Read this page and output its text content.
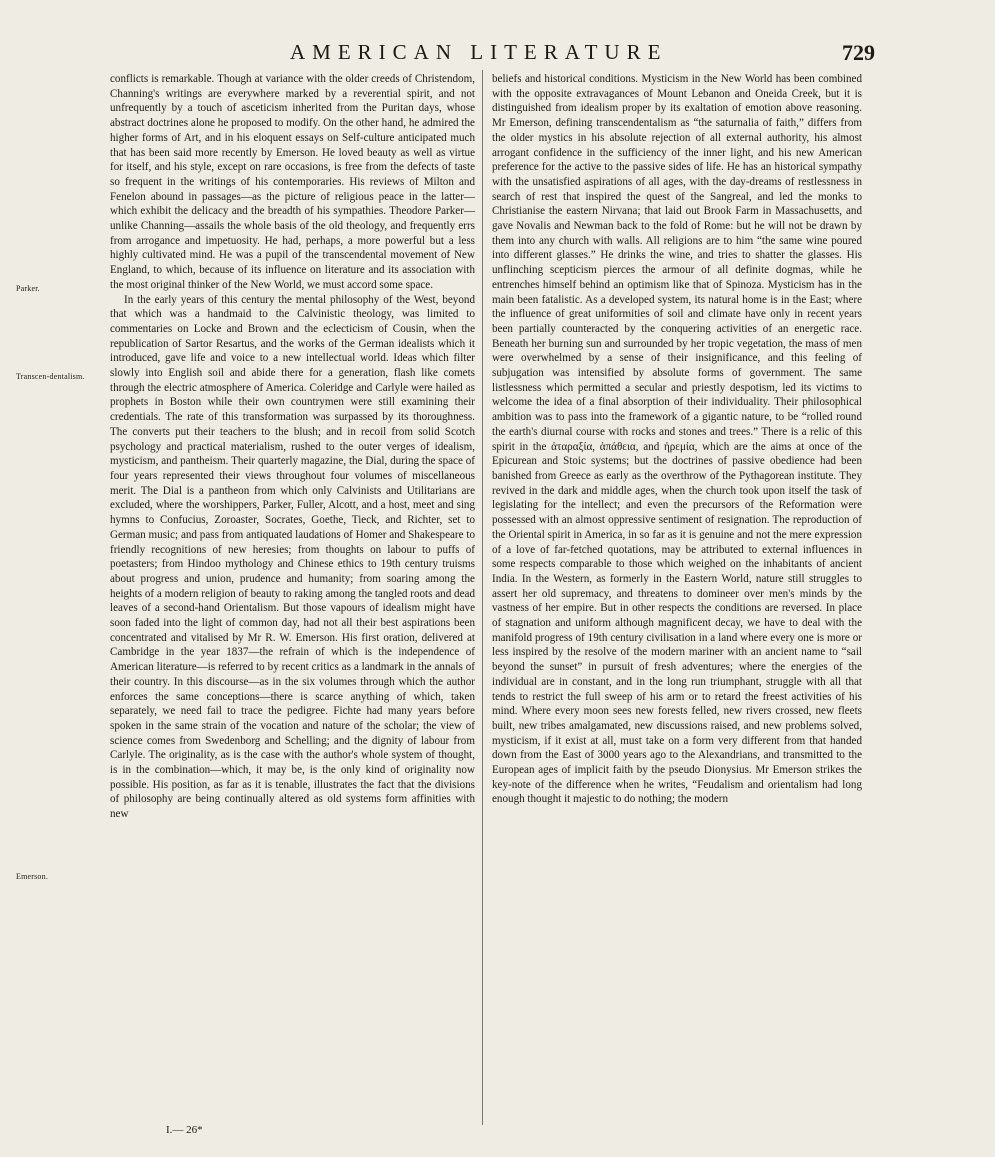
AMERICAN LITERATURE	729
Parker.
Transcen-dentalism.
Emerson.

conflicts is remarkable. Though at variance with the older creeds of Christendom, Channing's writings are everywhere marked by a reverential spirit, and not unfrequently by a touch of asceticism inherited from the Puritan days, whose abstract doctrines alone he proposed to modify. On the other hand, he admired the higher forms of Art, and in his eloquent essays on Self-culture anticipated much that has been said more recently by Emerson. He loved beauty as well as virtue for itself, and his style, except on rare occasions, is free from the defects of taste so frequent in the writings of his contemporaries. His reviews of Milton and Fenelon abound in passages—as the picture of religious peace in the latter—which exhibit the delicacy and the breadth of his sympathies. Theodore Parker—unlike Channing—assails the whole basis of the old theology, and frequently errs from arrogance and impetuosity. He had, perhaps, a more powerful but a less highly cultivated mind. He was a pupil of the transcendental movement of New England, to which, because of its influence on literature and its association with the most original thinker of the New World, we must accord some space.

In the early years of this century the mental philosophy of the West, beyond that which was a handmaid to the Calvinistic theology, was limited to commentaries on Locke and Brown and the eclecticism of Cousin, when the republication of Sartor Resartus, and the works of the German idealists which it introduced, gave life and voice to a new intellectual world. Ideas which filter slowly into English soil and abide there for a generation, flash like comets through the electric atmosphere of America. Coleridge and Carlyle were hailed as prophets in Boston while their own countrymen were still examining their credentials. The rate of this transformation was surpassed by its thoroughness. The converts put their teachers to the blush; and in recoil from solid Scotch psychology and practical materialism, rushed to the outer verges of idealism, mysticism, and pantheism. Their quarterly magazine, the Dial, during the space of four years represented their views throughout four volumes of miscellaneous merit. The Dial is a pantheon from which only Calvinists and Utilitarians are excluded, where the worshippers, Parker, Fuller, Alcott, and a host, meet and sing hymns to Confucius, Zoroaster, Socrates, Goethe, Tieck, and Richter, set to German music; and pass from antiquated laudations of Homer and Shakespeare to friendly recognitions of new heresies; from thoughts on labour to puffs of poetasters; from Hindoo mythology and Chinese ethics to 19th century truisms about progress and union, prudence and humanity; from soaring among the heights of a modern religion of beauty to raking among the tangled roots and dead leaves of a second-hand Orientalism. But those vapours of idealism might have soon faded into the light of common day, had not all their best aspirations been concentrated and vitalised by Mr R. W. Emerson. His first oration, delivered at Cambridge in the year 1837—the refrain of which is the independence of American literature—is referred to by recent critics as a landmark in the annals of their country. In this discourse—as in the six volumes through which the author enforces the same conceptions—there is scarce anything of which, taken separately, we need fail to trace the pedigree. Fichte had many years before spoken in the same strain of the vocation and nature of the scholar; the view of science comes from Swedenborg and Schelling; and the dignity of labour from Carlyle. The originality, as is the case with the author's whole system of thought, is in the combination—which, it may be, is the only kind of originality now possible. His position, as far as it is tenable, illustrates the fact that the divisions of philosophy are being continually altered as old systems form affinities with new

beliefs and historical conditions. Mysticism in the New World has been combined with the opposite extravagances of Mount Lebanon and Oneida Creek, but it is distinguished from idealism proper by its exaltation of emotion above reasoning. Mr Emerson, defining transcendentalism as “the saturnalia of faith,” differs from the older mystics in his absolute rejection of all external authority, his almost arrogant confidence in the sufficiency of the inner light, and his new American preference for the active to the passive sides of life. He has an historical sympathy with the unsatisfied aspirations of all ages, with the day-dreams of restlessness in search of rest that inspired the quest of the Sangreal, and led the monks to Christianise the eastern Nirvana; that laid out Brook Farm in Massachusetts, and gave Novalis and Newman back to the fold of Rome: but he will not be drawn by them into any church with walls. All religions are to him “the same wine poured into different glasses.” He drinks the wine, and tries to shatter the glasses. His unflinching scepticism pierces the armour of all definite dogmas, while he entrenches himself behind an optimism like that of Spinoza. Mysticism has in the main been fatalistic. As a developed system, its natural home is in the East; where the influence of great uniformities of soil and climate have only in recent years been partially counteracted by the conquering activities of an energetic race. Beneath her burning sun and surrounded by her tropic vegetation, the mass of men were overwhelmed by a sense of their insignificance, and this feeling of subjugation was intensified by absolute forms of government. The same listlessness which permitted a secular and priestly despotism, led its victims to welcome the idea of a final absorption of their individuality. Their philosophical ambition was to pass into the framework of a gigantic nature, to be “rolled round the earth's diurnal course with rocks and stones and trees.” There is a relic of this spirit in the ἀταραξία, ἀπάθεια, and ἠρεμία, which are the aims at once of the Epicurean and Stoic systems; but the doctrines of passive obedience had been banished from Greece as early as the overthrow of the Pythagorean institute. They revived in the dark and middle ages, when the church took upon itself the task of legislating for the intellect; and even the precursors of the Reformation were possessed with an almost oppressive sentiment of resignation. The reproduction of the Oriental spirit in America, in so far as it is genuine and not the mere expression of a love of far-fetched quotations, may be attributed to external influences in some respects comparable to those which weighed on the inhabitants of ancient India. In the Western, as formerly in the Eastern World, nature still struggles to assert her old supremacy, and threatens to domineer over men's minds by the vastness of her empire. But in other respects the conditions are reversed. In place of stagnation and uniform although magnificent decay, we have to deal with the manifold progress of 19th century civilisation in a land where every one is more or less inspired by the resolve of the modern mariner with an ancient name to “sail beyond the sunset” in pursuit of fresh adventures; where the energies of the individual are in constant, and in the long run triumphant, struggle with all that tends to restrict the full sweep of his arm or to retard the freest activities of his mind. Where every moon sees new forests felled, new rivers crossed, new fleets built, new tribes amalgamated, new discussions raised, and new problems solved, mysticism, if it exist at all, must take on a form very different from that handed down from the East of 3000 years ago to the Alexandrians, and transmitted to the European ages of implicit faith by the pseudo Dionysius. Mr Emerson strikes the key-note of the difference when he writes, “Feudalism and orientalism had long enough thought it majestic to do nothing; the modern

I.— 26*
